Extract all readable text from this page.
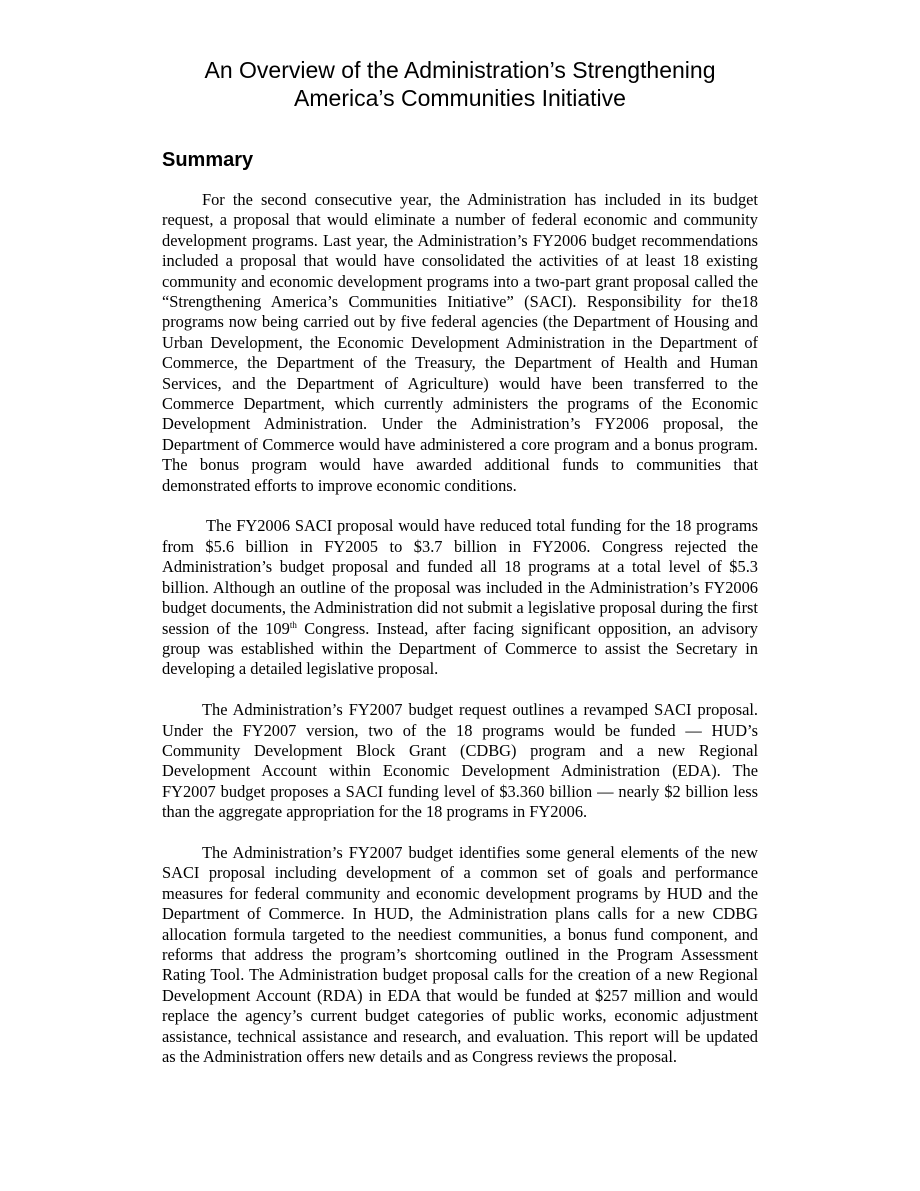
An Overview of the Administration’s Strengthening
America’s Communities Initiative
Summary

For the second consecutive year, the Administration has included in its budget request, a proposal that would eliminate a number of federal economic and community development programs. Last year, the Administration’s FY2006 budget recommendations included a proposal that would have consolidated the activities of at least 18 existing community and economic development programs into a two-part grant proposal called the “Strengthening America’s Communities Initiative” (SACI). Responsibility for the18 programs now being carried out by five federal agencies (the Department of Housing and Urban Development, the Economic Development Administration in the Department of Commerce, the Department of the Treasury, the Department of Health and Human Services, and the Department of Agriculture) would have been transferred to the Commerce Department, which currently administers the programs of the Economic Development Administration. Under the Administration’s FY2006 proposal, the Department of Commerce would have administered a core program and a bonus program. The bonus program would have awarded additional funds to communities that demonstrated efforts to improve economic conditions.

The FY2006 SACI proposal would have reduced total funding for the 18 programs from $5.6 billion in FY2005 to $3.7 billion in FY2006. Congress rejected the Administration’s budget proposal and funded all 18 programs at a total level of $5.3 billion. Although an outline of the proposal was included in the Administration’s FY2006 budget documents, the Administration did not submit a legislative proposal during the first session of the 109th Congress. Instead, after facing significant opposition, an advisory group was established within the Department of Commerce to assist the Secretary in developing a detailed legislative proposal.

The Administration’s FY2007 budget request outlines a revamped SACI proposal. Under the FY2007 version, two of the 18 programs would be funded — HUD’s Community Development Block Grant (CDBG) program and a new Regional Development Account within Economic Development Administration (EDA). The FY2007 budget proposes a SACI funding level of $3.360 billion — nearly $2 billion less than the aggregate appropriation for the 18 programs in FY2006.

The Administration’s FY2007 budget identifies some general elements of the new SACI proposal including development of a common set of goals and performance measures for federal community and economic development programs by HUD and the Department of Commerce. In HUD, the Administration plans calls for a new CDBG allocation formula targeted to the neediest communities, a bonus fund component, and reforms that address the program’s shortcoming outlined in the Program Assessment Rating Tool. The Administration budget proposal calls for the creation of a new Regional Development Account (RDA) in EDA that would be funded at $257 million and would replace the agency’s current budget categories of public works, economic adjustment assistance, technical assistance and research, and evaluation. This report will be updated as the Administration offers new details and as Congress reviews the proposal.
